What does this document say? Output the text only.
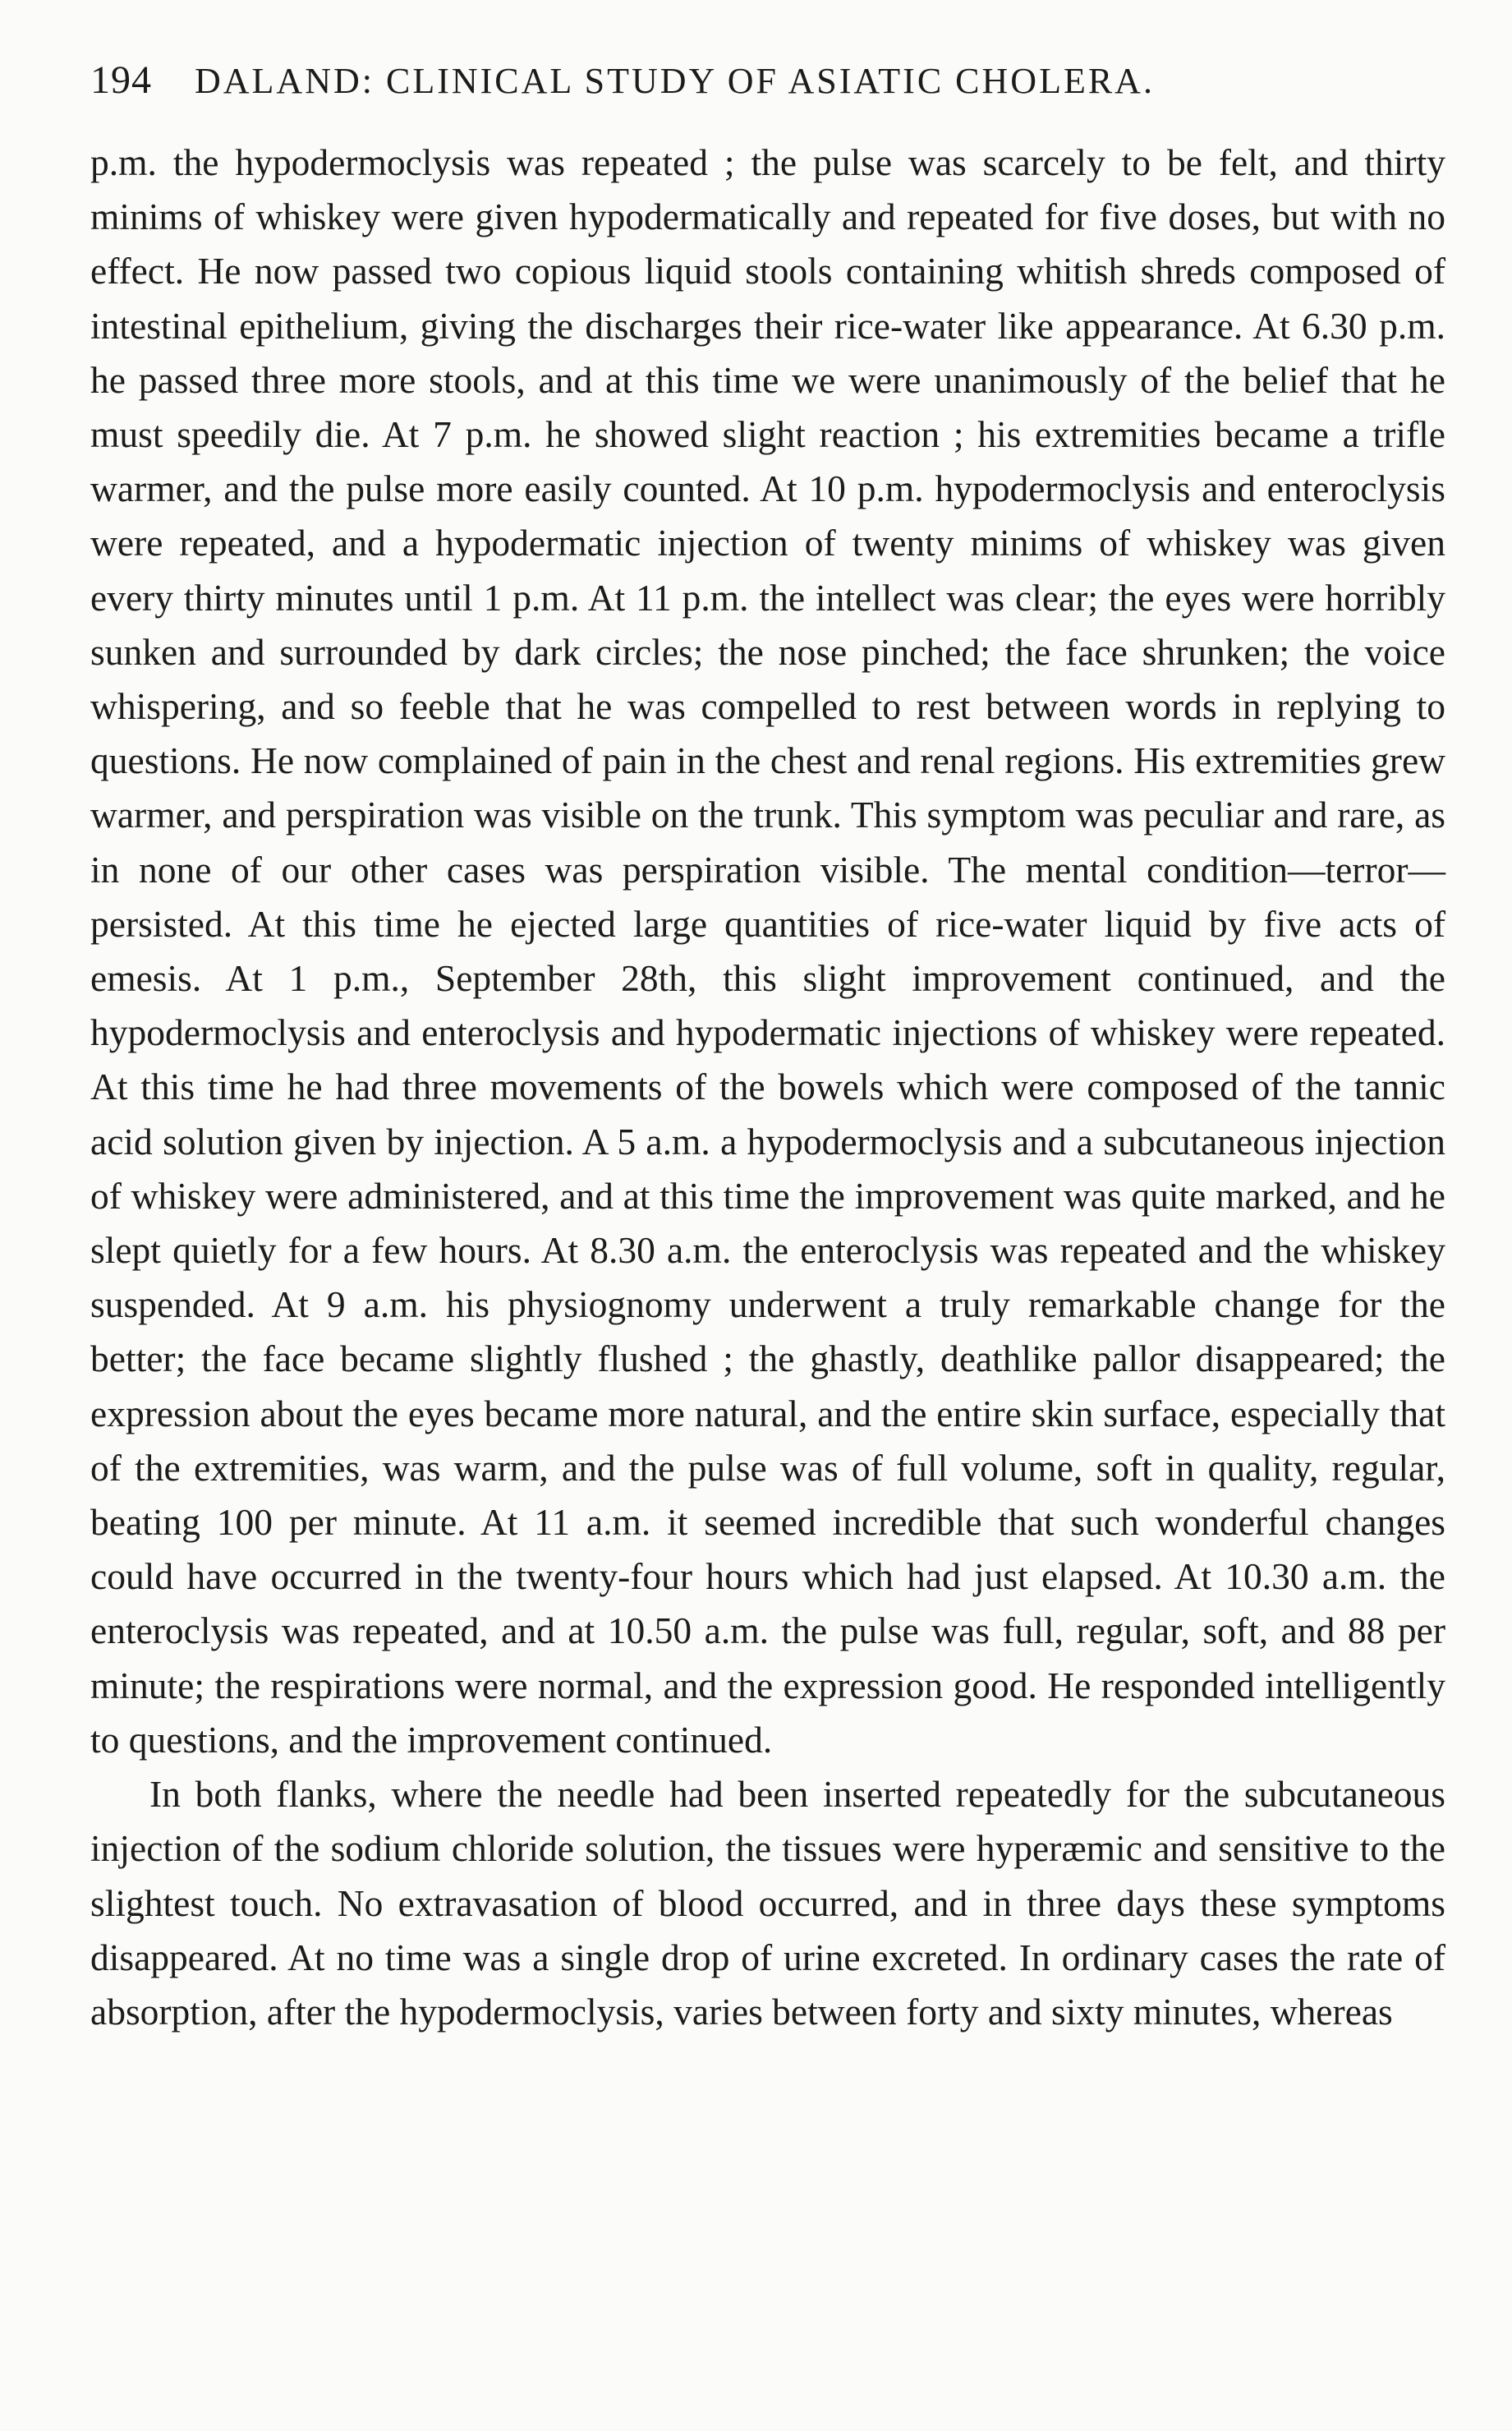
194 DALAND: CLINICAL STUDY OF ASIATIC CHOLERA.

p.m. the hypodermoclysis was repeated ; the pulse was scarcely to be felt, and thirty minims of whiskey were given hypodermatically and repeated for five doses, but with no effect. He now passed two copious liquid stools containing whitish shreds composed of intestinal epithelium, giving the discharges their rice-water like appearance. At 6.30 p.m. he passed three more stools, and at this time we were unanimously of the belief that he must speedily die. At 7 p.m. he showed slight reaction ; his extremities became a trifle warmer, and the pulse more easily counted. At 10 p.m. hypodermoclysis and enteroclysis were repeated, and a hypodermatic injection of twenty minims of whiskey was given every thirty minutes until 1 p.m. At 11 p.m. the intellect was clear; the eyes were horribly sunken and surrounded by dark circles; the nose pinched; the face shrunken; the voice whispering, and so feeble that he was compelled to rest between words in replying to questions. He now complained of pain in the chest and renal regions. His extremities grew warmer, and perspiration was visible on the trunk. This symptom was peculiar and rare, as in none of our other cases was perspiration visible. The mental condition—terror—persisted. At this time he ejected large quantities of rice-water liquid by five acts of emesis. At 1 p.m., September 28th, this slight improvement continued, and the hypodermoclysis and enteroclysis and hypodermatic injections of whiskey were repeated. At this time he had three movements of the bowels which were composed of the tannic acid solution given by injection. A 5 a.m. a hypodermoclysis and a subcutaneous injection of whiskey were administered, and at this time the improvement was quite marked, and he slept quietly for a few hours. At 8.30 a.m. the enteroclysis was repeated and the whiskey suspended. At 9 a.m. his physiognomy underwent a truly remarkable change for the better; the face became slightly flushed ; the ghastly, deathlike pallor disappeared; the expression about the eyes became more natural, and the entire skin surface, especially that of the extremities, was warm, and the pulse was of full volume, soft in quality, regular, beating 100 per minute. At 11 a.m. it seemed incredible that such wonderful changes could have occurred in the twenty-four hours which had just elapsed. At 10.30 a.m. the enteroclysis was repeated, and at 10.50 a.m. the pulse was full, regular, soft, and 88 per minute; the respirations were normal, and the expression good. He responded intelligently to questions, and the improvement continued.

In both flanks, where the needle had been inserted repeatedly for the subcutaneous injection of the sodium chloride solution, the tissues were hyperæmic and sensitive to the slightest touch. No extravasation of blood occurred, and in three days these symptoms disappeared. At no time was a single drop of urine excreted. In ordinary cases the rate of absorption, after the hypodermoclysis, varies between forty and sixty minutes, whereas
